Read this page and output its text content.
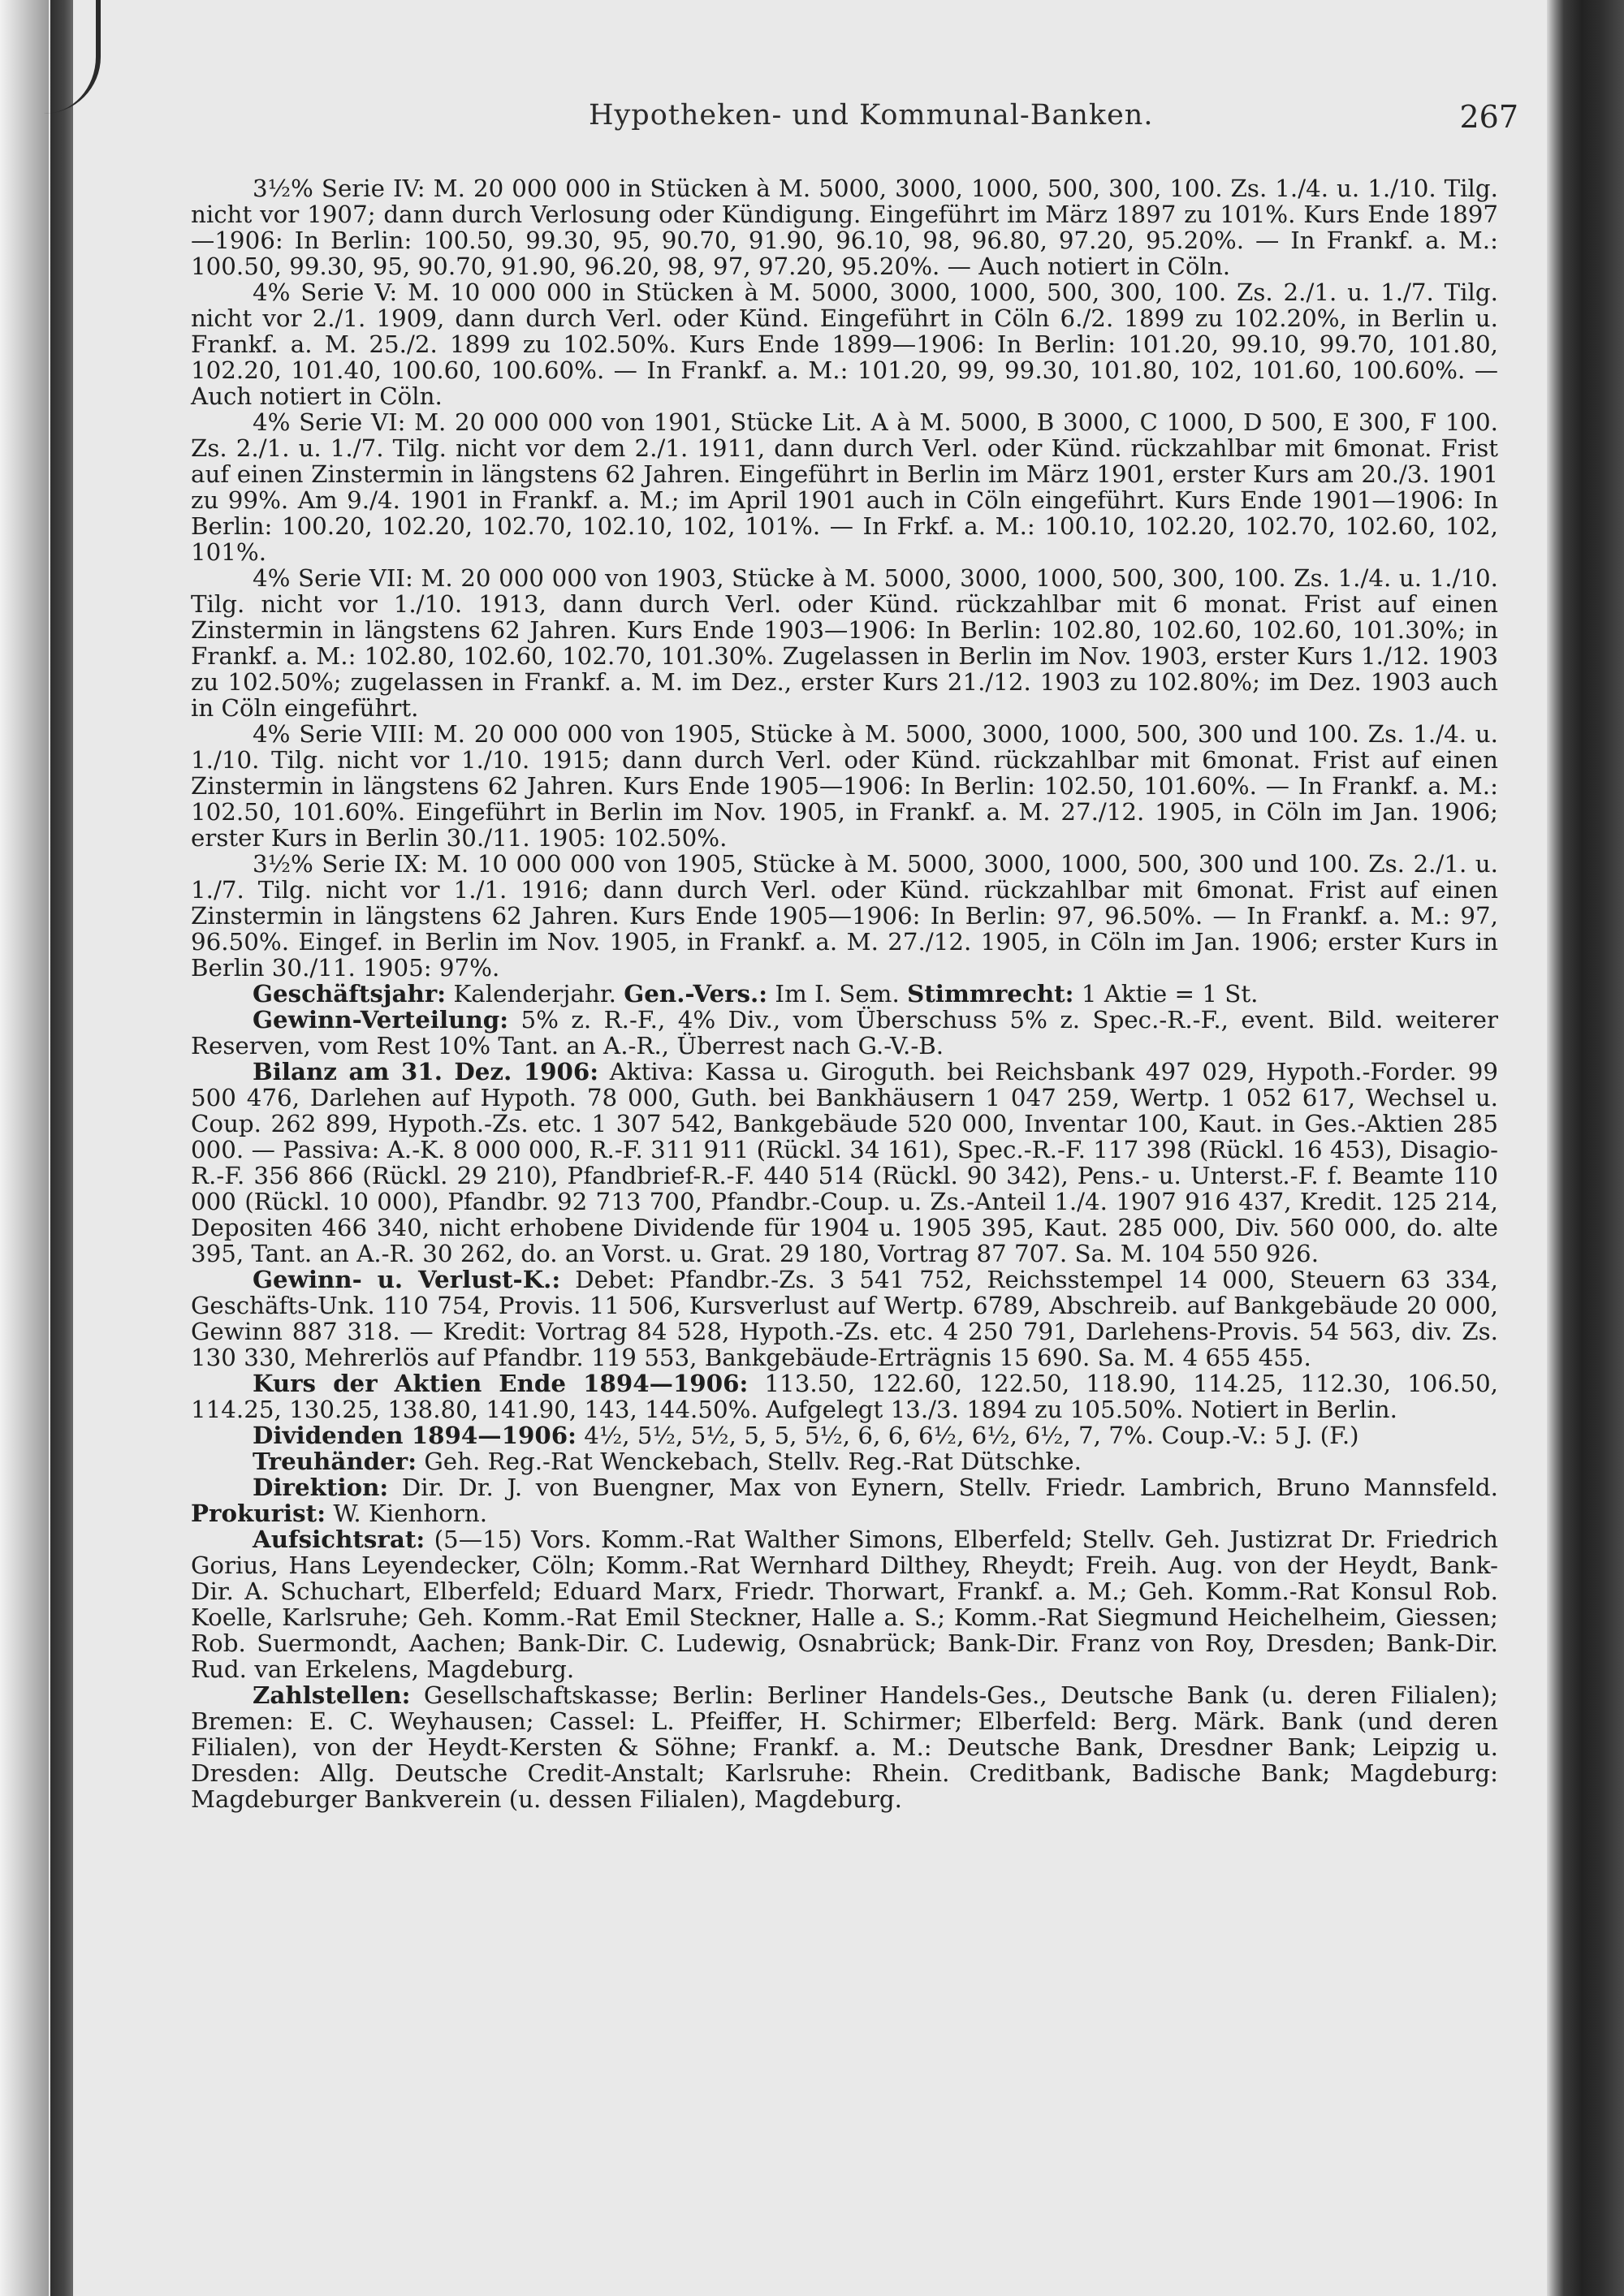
Hypotheken- und Kommunal-Banken.	267

3½% Serie IV: M. 20 000 000 in Stücken à M. 5000, 3000, 1000, 500, 300, 100. Zs. 1./4. u. 1./10. Tilg. nicht vor 1907; dann durch Verlosung oder Kündigung. Eingeführt im März 1897 zu 101%. Kurs Ende 1897—1906: In Berlin: 100.50, 99.30, 95, 90.70, 91.90, 96.10, 98, 96.80, 97.20, 95.20%. — In Frankf. a. M.: 100.50, 99.30, 95, 90.70, 91.90, 96.20, 98, 97, 97.20, 95.20%. — Auch notiert in Cöln.

4% Serie V: M. 10 000 000 in Stücken à M. 5000, 3000, 1000, 500, 300, 100. Zs. 2./1. u. 1./7. Tilg. nicht vor 2./1. 1909, dann durch Verl. oder Künd. Eingeführt in Cöln 6./2. 1899 zu 102.20%, in Berlin u. Frankf. a. M. 25./2. 1899 zu 102.50%. Kurs Ende 1899—1906: In Berlin: 101.20, 99.10, 99.70, 101.80, 102.20, 101.40, 100.60, 100.60%. — In Frankf. a. M.: 101.20, 99, 99.30, 101.80, 102, 101.60, 100.60%. — Auch notiert in Cöln.

4% Serie VI: M. 20 000 000 von 1901, Stücke Lit. A à M. 5000, B 3000, C 1000, D 500, E 300, F 100. Zs. 2./1. u. 1./7. Tilg. nicht vor dem 2./1. 1911, dann durch Verl. oder Künd. rückzahlbar mit 6monat. Frist auf einen Zinstermin in längstens 62 Jahren. Eingeführt in Berlin im März 1901, erster Kurs am 20./3. 1901 zu 99%. Am 9./4. 1901 in Frankf. a. M.; im April 1901 auch in Cöln eingeführt. Kurs Ende 1901—1906: In Berlin: 100.20, 102.20, 102.70, 102.10, 102, 101%. — In Frkf. a. M.: 100.10, 102.20, 102.70, 102.60, 102, 101%.

4% Serie VII: M. 20 000 000 von 1903, Stücke à M. 5000, 3000, 1000, 500, 300, 100. Zs. 1./4. u. 1./10. Tilg. nicht vor 1./10. 1913, dann durch Verl. oder Künd. rückzahlbar mit 6 monat. Frist auf einen Zinstermin in längstens 62 Jahren. Kurs Ende 1903—1906: In Berlin: 102.80, 102.60, 102.60, 101.30%; in Frankf. a. M.: 102.80, 102.60, 102.70, 101.30%. Zugelassen in Berlin im Nov. 1903, erster Kurs 1./12. 1903 zu 102.50%; zugelassen in Frankf. a. M. im Dez., erster Kurs 21./12. 1903 zu 102.80%; im Dez. 1903 auch in Cöln eingeführt.

4% Serie VIII: M. 20 000 000 von 1905, Stücke à M. 5000, 3000, 1000, 500, 300 und 100. Zs. 1./4. u. 1./10. Tilg. nicht vor 1./10. 1915; dann durch Verl. oder Künd. rückzahlbar mit 6monat. Frist auf einen Zinstermin in längstens 62 Jahren. Kurs Ende 1905—1906: In Berlin: 102.50, 101.60%. — In Frankf. a. M.: 102.50, 101.60%. Eingeführt in Berlin im Nov. 1905, in Frankf. a. M. 27./12. 1905, in Cöln im Jan. 1906; erster Kurs in Berlin 30./11. 1905: 102.50%.

3½% Serie IX: M. 10 000 000 von 1905, Stücke à M. 5000, 3000, 1000, 500, 300 und 100. Zs. 2./1. u. 1./7. Tilg. nicht vor 1./1. 1916; dann durch Verl. oder Künd. rückzahlbar mit 6monat. Frist auf einen Zinstermin in längstens 62 Jahren. Kurs Ende 1905—1906: In Berlin: 97, 96.50%. — In Frankf. a. M.: 97, 96.50%. Eingef. in Berlin im Nov. 1905, in Frankf. a. M. 27./12. 1905, in Cöln im Jan. 1906; erster Kurs in Berlin 30./11. 1905: 97%.

Geschäftsjahr: Kalenderjahr. Gen.-Vers.: Im I. Sem. Stimmrecht: 1 Aktie = 1 St.

Gewinn-Verteilung: 5% z. R.-F., 4% Div., vom Überschuss 5% z. Spec.-R.-F., event. Bild. weiterer Reserven, vom Rest 10% Tant. an A.-R., Überrest nach G.-V.-B.

Bilanz am 31. Dez. 1906: Aktiva: Kassa u. Giroguth. bei Reichsbank 497 029, Hypoth.-Forder. 99 500 476, Darlehen auf Hypoth. 78 000, Guth. bei Bankhäusern 1 047 259, Wertp. 1 052 617, Wechsel u. Coup. 262 899, Hypoth.-Zs. etc. 1 307 542, Bankgebäude 520 000, Inventar 100, Kaut. in Ges.-Aktien 285 000. — Passiva: A.-K. 8 000 000, R.-F. 311 911 (Rückl. 34 161), Spec.-R.-F. 117 398 (Rückl. 16 453), Disagio-R.-F. 356 866 (Rückl. 29 210), Pfandbrief-R.-F. 440 514 (Rückl. 90 342), Pens.- u. Unterst.-F. f. Beamte 110 000 (Rückl. 10 000), Pfandbr. 92 713 700, Pfandbr.-Coup. u. Zs.-Anteil 1./4. 1907 916 437, Kredit. 125 214, Depositen 466 340, nicht erhobene Dividende für 1904 u. 1905 395, Kaut. 285 000, Div. 560 000, do. alte 395, Tant. an A.-R. 30 262, do. an Vorst. u. Grat. 29 180, Vortrag 87 707. Sa. M. 104 550 926.

Gewinn- u. Verlust-K.: Debet: Pfandbr.-Zs. 3 541 752, Reichsstempel 14 000, Steuern 63 334, Geschäfts-Unk. 110 754, Provis. 11 506, Kursverlust auf Wertp. 6789, Abschreib. auf Bankgebäude 20 000, Gewinn 887 318. — Kredit: Vortrag 84 528, Hypoth.-Zs. etc. 4 250 791, Darlehens-Provis. 54 563, div. Zs. 130 330, Mehrerlös auf Pfandbr. 119 553, Bankgebäude-Erträgnis 15 690. Sa. M. 4 655 455.

Kurs der Aktien Ende 1894—1906: 113.50, 122.60, 122.50, 118.90, 114.25, 112.30, 106.50, 114.25, 130.25, 138.80, 141.90, 143, 144.50%. Aufgelegt 13./3. 1894 zu 105.50%. Notiert in Berlin.

Dividenden 1894—1906: 4½, 5½, 5½, 5, 5, 5½, 6, 6, 6½, 6½, 6½, 7, 7%. Coup.-V.: 5 J. (F.)

Treuhänder: Geh. Reg.-Rat Wenckebach, Stellv. Reg.-Rat Dütschke.

Direktion: Dir. Dr. J. von Buengner, Max von Eynern, Stellv. Friedr. Lambrich, Bruno Mannsfeld. Prokurist: W. Kienhorn.

Aufsichtsrat: (5—15) Vors. Komm.-Rat Walther Simons, Elberfeld; Stellv. Geh. Justizrat Dr. Friedrich Gorius, Hans Leyendecker, Cöln; Komm.-Rat Wernhard Dilthey, Rheydt; Freih. Aug. von der Heydt, Bank-Dir. A. Schuchart, Elberfeld; Eduard Marx, Friedr. Thorwart, Frankf. a. M.; Geh. Komm.-Rat Konsul Rob. Koelle, Karlsruhe; Geh. Komm.-Rat Emil Steckner, Halle a. S.; Komm.-Rat Siegmund Heichelheim, Giessen; Rob. Suermondt, Aachen; Bank-Dir. C. Ludewig, Osnabrück; Bank-Dir. Franz von Roy, Dresden; Bank-Dir. Rud. van Erkelens, Magdeburg.

Zahlstellen: Gesellschaftskasse; Berlin: Berliner Handels-Ges., Deutsche Bank (u. deren Filialen); Bremen: E. C. Weyhausen; Cassel: L. Pfeiffer, H. Schirmer; Elberfeld: Berg. Märk. Bank (und deren Filialen), von der Heydt-Kersten & Söhne; Frankf. a. M.: Deutsche Bank, Dresdner Bank; Leipzig u. Dresden: Allg. Deutsche Credit-Anstalt; Karlsruhe: Rhein. Creditbank, Badische Bank; Magdeburg: Magdeburger Bankverein (u. dessen Filialen), Magdeburg.
